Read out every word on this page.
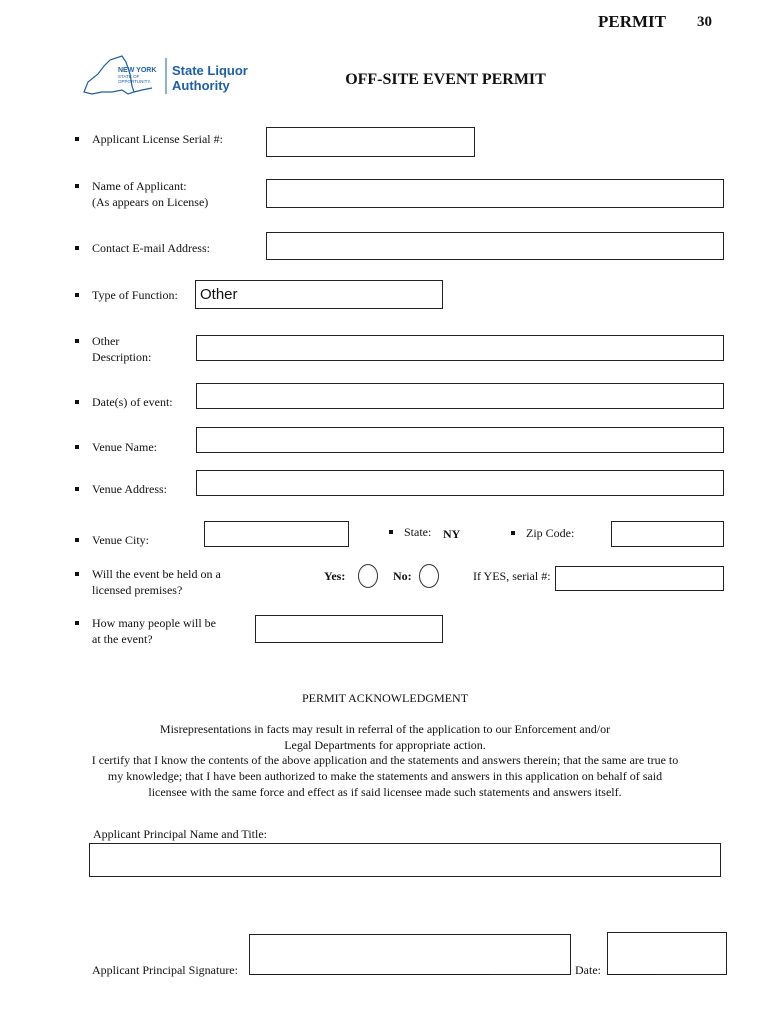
PERMIT 30
NEW YORK
STATE OF
OPPORTUNITY.
State Liquor
Authority	OFF-SITE EVENT PERMIT
Applicant License Serial #:
Name of Applicant:
(As appears on License)
Contact E-mail Address:
Type of Function:
Other
Other
Description:
Date(s) of event:
Venue Name:
Venue Address:
Venue City:
State: NY	Zip Code:
Will the event be held on a
licensed premises?
Yes:	No:	If YES, serial #:
How many people will be
at the event?
PERMIT ACKNOWLEDGMENT
Misrepresentations in facts may result in referral of the application to our Enforcement and/or
Legal Departments for appropriate action.
I certify that I know the contents of the above application and the statements and answers therein; that the same are true to
my knowledge; that I have been authorized to make the statements and answers in this application on behalf of said
licensee with the same force and effect as if said licensee made such statements and answers itself.
Applicant Principal Name and Title:
Applicant Principal Signature: ________________________________________	Date: ________
